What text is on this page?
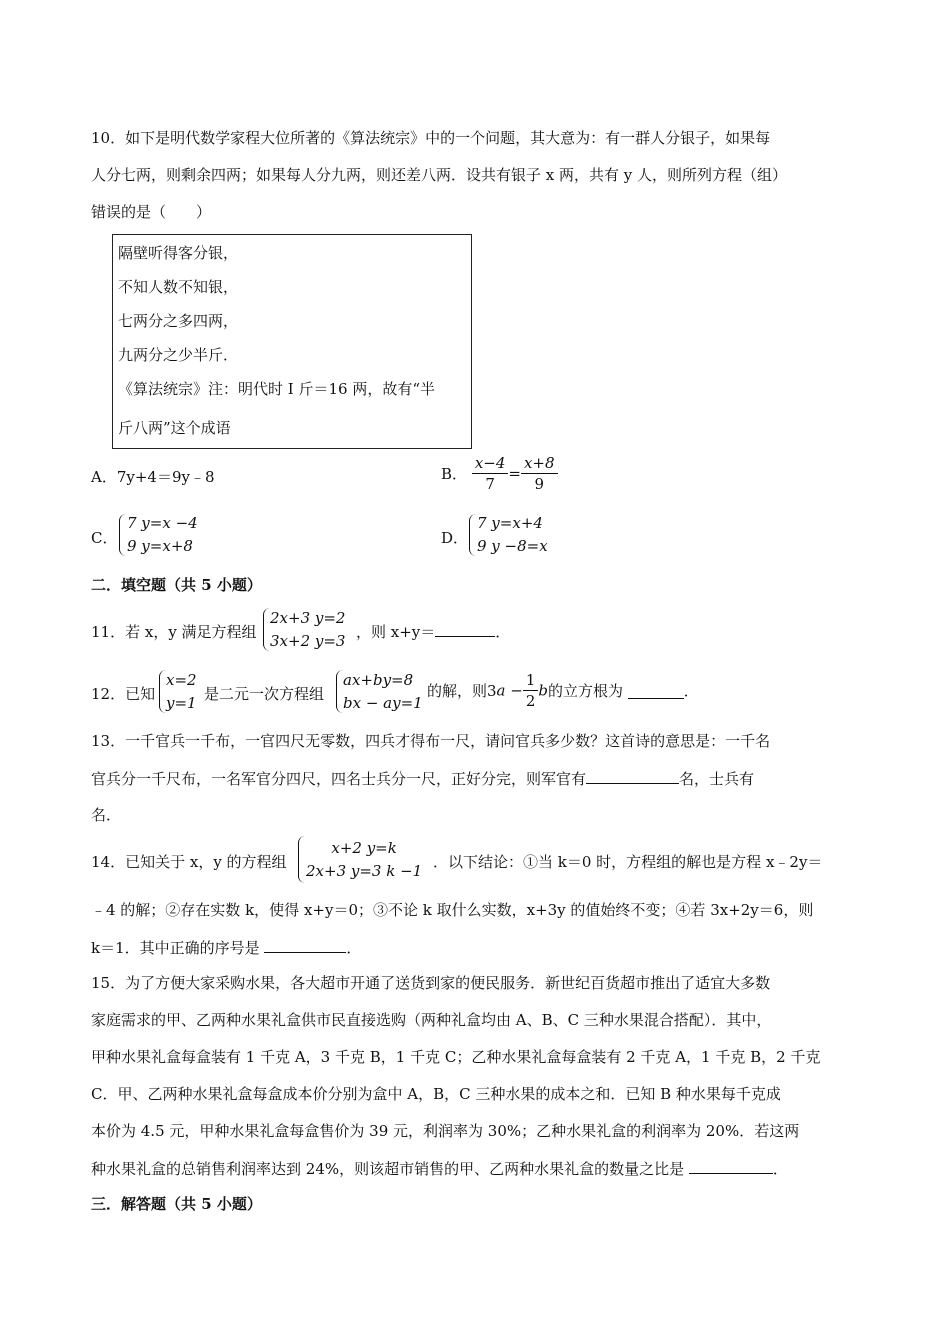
10．如下是明代数学家程大位所著的《算法统宗》中的一个问题，其大意为：有一群人分银子，如果每
人分七两，则剩余四两；如果每人分九两，则还差八两．设共有银子 x 两，共有 y 人，则所列方程（组）
错误的是（　　）
隔壁听得客分银，
不知人数不知银，
七两分之多四两，
九两分之少半斤．
《算法统宗》注：明代时 I 斤＝16 两，故有“半
斤八两”这个成语
A．7y+4＝9y﹣8	B． $\frac{x-4}{7} = \frac{x+8}{9}$
C．
7 y=x −4
9 y=x+8	D．
7 y=x+4
9 y −8=x
二．填空题（共 5 小题）
11．若 x，y 满足方程组
2x+3 y=2
3x+2 y=3 ，则 x+y＝	．
12．已知
x=2
y=1 是二元一次方程组
ax+by=8
bx − ay=1
的解，则$3a - \frac{1}{2}$ b的立方根为	．
13．一千官兵一千布，一官四尺无零数，四兵才得布一尺，请问官兵多少数？这首诗的意思是：一千名
官兵分一千尺布，一名军官分四尺，四名士兵分一尺，正好分完，则军官有	名，士兵有
名．
14．已知关于 x，y 的方程组
x+2 y=k
2x+3 y=3 k −1 ．以下结论：①当 k＝0 时，方程组的解也是方程 x﹣2y＝
﹣4 的解；②存在实数 k，使得 x+y＝0；③不论 k 取什么实数，x+3y 的值始终不变；④若 3x+2y＝6，则
k＝1．其中正确的序号是	．
15．为了方便大家采购水果，各大超市开通了送货到家的便民服务．新世纪百货超市推出了适宜大多数
家庭需求的甲、乙两种水果礼盒供市民直接选购（两种礼盒均由 A、B、C 三种水果混合搭配）．其中，
甲种水果礼盒每盒装有 1 千克 A，3 千克 B，1 千克 C；乙种水果礼盒每盒装有 2 千克 A，1 千克 B，2 千克
C．甲、乙两种水果礼盒每盒成本价分别为盒中 A，B，C 三种水果的成本之和．已知 B 种水果每千克成
本价为 4.5 元，甲种水果礼盒每盒售价为 39 元，利润率为 30%；乙种水果礼盒的利润率为 20%．若这两
种水果礼盒的总销售利润率达到 24%，则该超市销售的甲、乙两种水果礼盒的数量之比是	．
三．解答题（共 5 小题）
